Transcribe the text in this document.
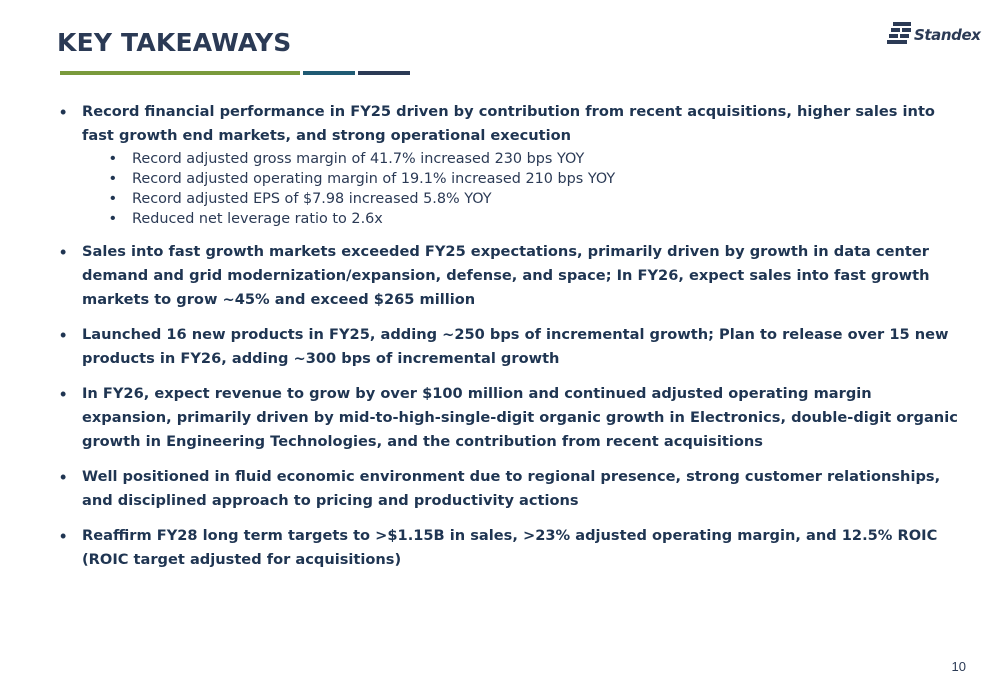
KEY TAKEAWAYS	Standex
• Record financial performance in FY25 driven by contribution from recent acquisitions, higher sales into fast growth end markets, and strong operational execution
• Record adjusted gross margin of 41.7% increased 230 bps YOY
• Record adjusted operating margin of 19.1% increased 210 bps YOY
• Record adjusted EPS of $7.98 increased 5.8% YOY
• Reduced net leverage ratio to 2.6x
• Sales into fast growth markets exceeded FY25 expectations, primarily driven by growth in data center demand and grid modernization/expansion, defense, and space; In FY26, expect sales into fast growth markets to grow ~45% and exceed $265 million
• Launched 16 new products in FY25, adding ~250 bps of incremental growth; Plan to release over 15 new products in FY26, adding ~300 bps of incremental growth
• In FY26, expect revenue to grow by over $100 million and continued adjusted operating margin expansion, primarily driven by mid-to-high-single-digit organic growth in Electronics, double-digit organic growth in Engineering Technologies, and the contribution from recent acquisitions
• Well positioned in fluid economic environment due to regional presence, strong customer relationships, and disciplined approach to pricing and productivity actions
• Reaffirm FY28 long term targets to >$1.15B in sales, >23% adjusted operating margin, and 12.5% ROIC (ROIC target adjusted for acquisitions)
10
